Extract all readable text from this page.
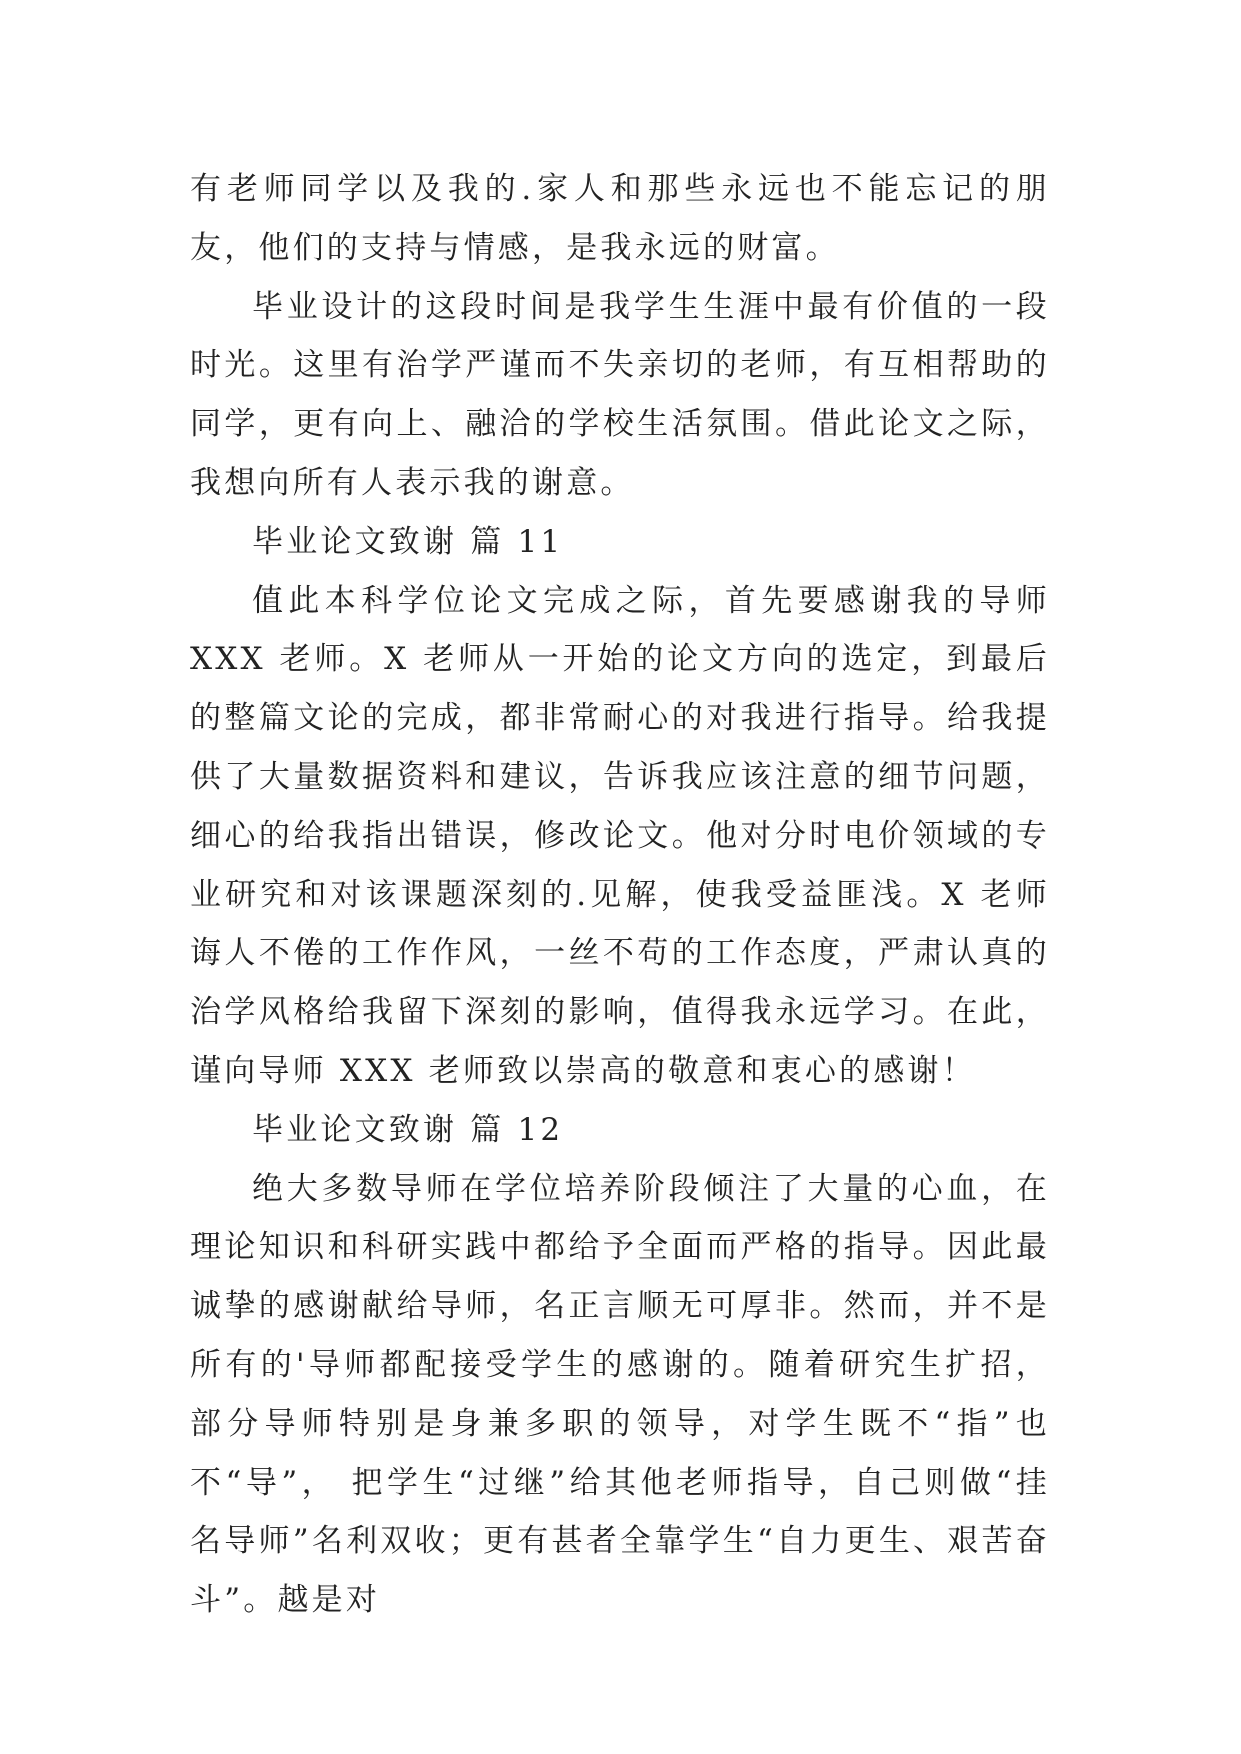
有老师同学以及我的.家人和那些永远也不能忘记的朋友，他们的支持与情感，是我永远的财富。

毕业设计的这段时间是我学生生涯中最有价值的一段时光。这里有治学严谨而不失亲切的老师，有互相帮助的同学，更有向上、融洽的学校生活氛围。借此论文之际，我想向所有人表示我的谢意。

毕业论文致谢 篇 11

值此本科学位论文完成之际，首先要感谢我的导师 XXX 老师。X 老师从一开始的论文方向的选定，到最后的整篇文论的完成，都非常耐心的对我进行指导。给我提供了大量数据资料和建议，告诉我应该注意的细节问题，细心的给我指出错误，修改论文。他对分时电价领域的专业研究和对该课题深刻的.见解，使我受益匪浅。X 老师诲人不倦的工作作风，一丝不苟的工作态度，严肃认真的治学风格给我留下深刻的影响，值得我永远学习。在此，谨向导师 XXX 老师致以崇高的敬意和衷心的感谢！

毕业论文致谢 篇 12

绝大多数导师在学位培养阶段倾注了大量的心血，在理论知识和科研实践中都给予全面而严格的指导。因此最诚挚的感谢献给导师，名正言顺无可厚非。然而，并不是所有的'导师都配接受学生的感谢的。随着研究生扩招，部分导师特别是身兼多职的领导，对学生既不“指”也不“导”， 把学生“过继”给其他老师指导，自己则做“挂名导师”名利双收；更有甚者全靠学生“自力更生、艰苦奋斗”。越是对
